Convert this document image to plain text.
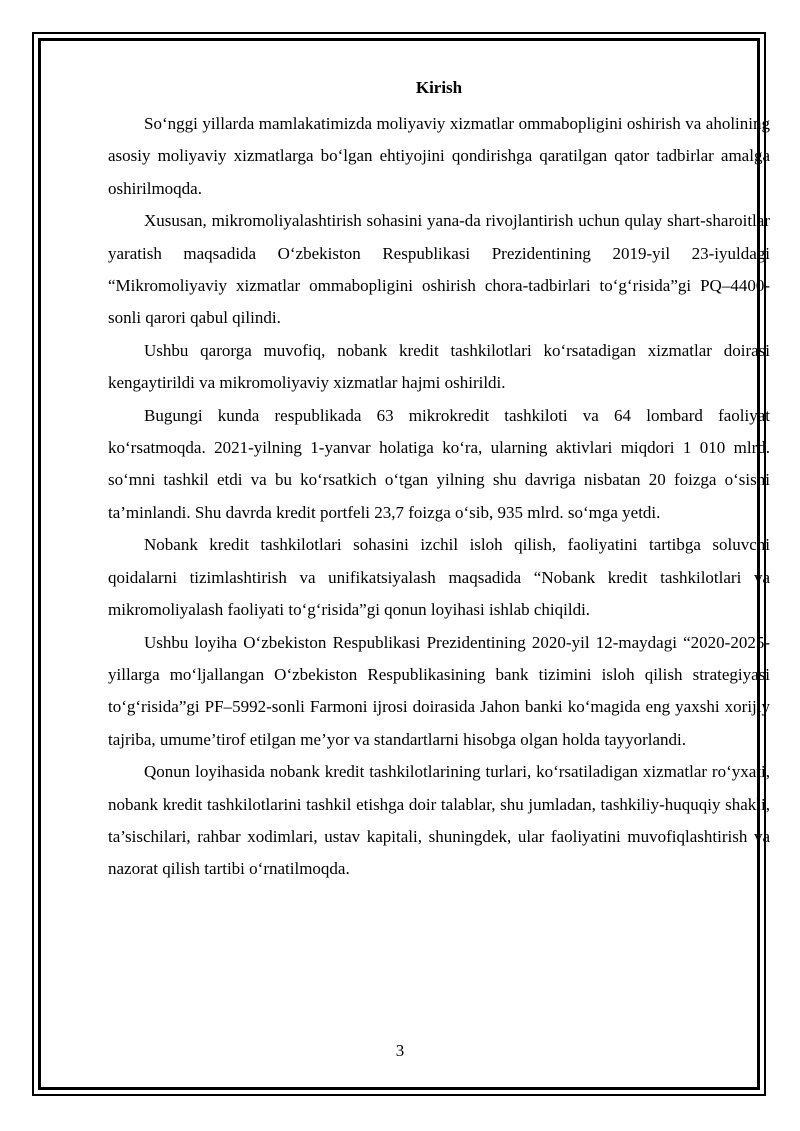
Kirish

So‘nggi yillarda mamlakatimizda moliyaviy xizmatlar ommabopligini oshirish va aholining asosiy moliyaviy xizmatlarga bo‘lgan ehtiyojini qondirishga qaratilgan qator tadbirlar amalga oshirilmoqda.

Xususan, mikromoliyalashtirish sohasini yana-da rivojlantirish uchun qulay shart-sharoitlar yaratish maqsadida O‘zbekiston Respublikasi Prezidentining 2019-yil 23-iyuldagi “Mikromoliyaviy xizmatlar ommabopligini oshirish chora-tadbirlari to‘g‘risida”gi PQ–4400-sonli qarori qabul qilindi.

Ushbu qarorga muvofiq, nobank kredit tashkilotlari ko‘rsatadigan xizmatlar doirasi kengaytirildi va mikromoliyaviy xizmatlar hajmi oshirildi.

Bugungi kunda respublikada 63 mikrokredit tashkiloti va 64 lombard faoliyat ko‘rsatmoqda. 2021-yilning 1-yanvar holatiga ko‘ra, ularning aktivlari miqdori 1 010 mlrd. so‘mni tashkil etdi va bu ko‘rsatkich o‘tgan yilning shu davriga nisbatan 20 foizga o‘sishi ta’minlandi. Shu davrda kredit portfeli 23,7 foizga o‘sib, 935 mlrd. so‘mga yetdi.

Nobank kredit tashkilotlari sohasini izchil isloh qilish, faoliyatini tartibga soluvchi qoidalarni tizimlashtirish va unifikatsiyalash maqsadida “Nobank kredit tashkilotlari va mikromoliyalash faoliyati to‘g‘risida”gi qonun loyihasi ishlab chiqildi.

Ushbu loyiha O‘zbekiston Respublikasi Prezidentining 2020-yil 12-maydagi “2020-2025-yillarga mo‘ljallangan O‘zbekiston Respublikasining bank tizimini isloh qilish strategiyasi to‘g‘risida”gi PF–5992-sonli Farmoni ijrosi doirasida Jahon banki ko‘magida eng yaxshi xorijiy tajriba, umume’tirof etilgan me’yor va standartlarni hisobga olgan holda tayyorlandi.

Qonun loyihasida nobank kredit tashkilotlarining turlari, ko‘rsatiladigan xizmatlar ro‘yxati, nobank kredit tashkilotlarini tashkil etishga doir talablar, shu jumladan, tashkiliy-huquqiy shakli, ta’sischilari, rahbar xodimlari, ustav kapitali, shuningdek, ular faoliyatini muvofiqlashtirish va nazorat qilish tartibi o‘rnatilmoqda.

3
